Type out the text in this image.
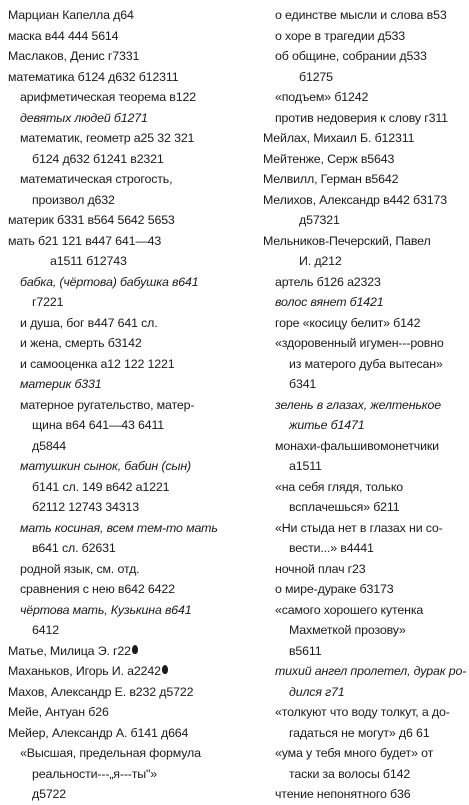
Марциан Капелла д64
маска в44 444 5614
Маслаков, Денис г7331
математика б124 д632 б12311
арифметическая теорема в122
девятых людей б1271
математик, геометр а25 32 321
б124 д632 б1241 в2321
математическая строгость,
произвол д632
материк б331 в564 5642 5653
мать б21 121 в447 641—43
а1511 б12743
бабка, (чёртова) бабушка в641
г7221
и душа, бог в447 641 сл.
и жена, смерть б3142
и самооценка а12 122 1221
матерuк б331
матерное ругательство, матер-
щина в64 641—43 6411
д5844
матушкин сынок, бабин (сын)
б141 сл. 149 в642 а1221
б2112 12743 34313
мать косиная, всем тем-то мать
в641 сл. б2631
родной язык, см. отд.
сравнения с нею в642 6422
чёртова мать, Кузькина в641
6412
Матье, Милица Э. г22
Маханьков, Игорь И. а2242
Махов, Александр Е. в232 д5722
Мейе, Антуан б26
Мейер, Александр А. б141 д664
«Высшая, предельная формула
реальности---„я---ты"»
д5722
о единстве мысли и слова в53
о хоре в трагедии д533
об общине, собрании д533
б1275
«подъем» б1242
против недоверия к слову г311
Мейлах, Михаил Б. б12311
Мейтенже, Серж в5643
Мелвилл, Герман в5642
Мелихов, Александр в442 б3173
д57321
Мельников-Печерский, Павел
И. д212
артель б126 а2323
волос вянет б1421
горе «косицу белит» б142
«здоровенный игумен---ровно
из матерого дуба вытесан»
б341
зелень в глазах, желтенькое
житье б1471
монахи-фальшивомонетчики
а1511
«на себя глядя, только
всплачешься» б211
«Ни стыда нет в глазах ни со-
вести...» в4441
ночной плач г23
о мире-дураке б3173
«самого хорошего кутенка
Махметкой прозову»
в5611
тихий ангел пролетел, дурак ро-
дился г71
«толкуют что воду толкут, а до-
гадаться не могут» д6 61
«ума у тебя много будет» от
таски за волосы б142
чтение непонятного б36
